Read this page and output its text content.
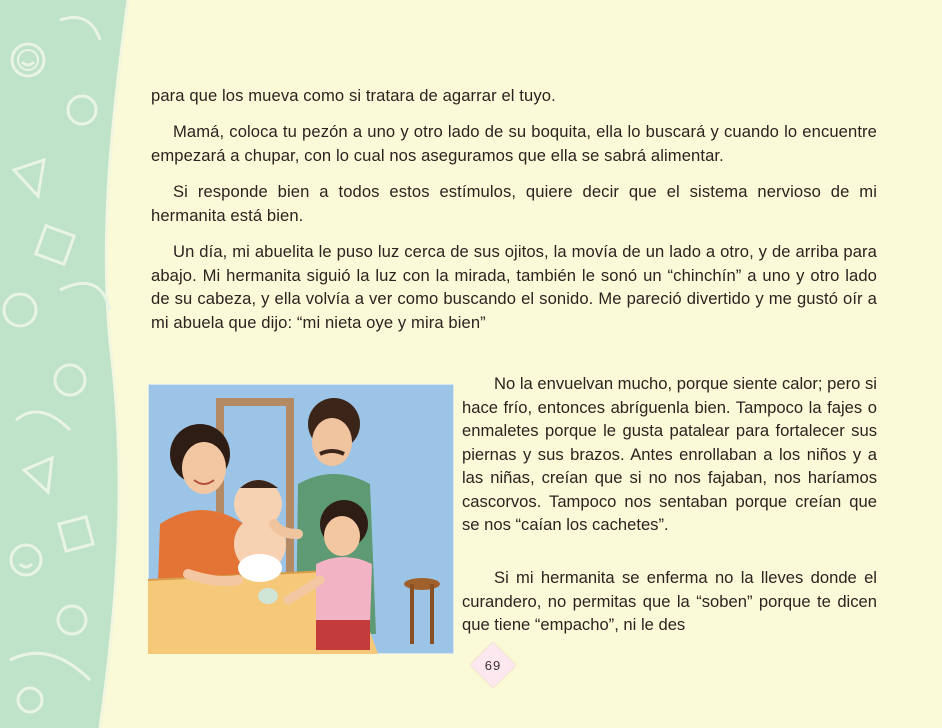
para que los mueva como si tratara de agarrar el tuyo.

Mamá, coloca tu pezón a uno y otro lado de su boquita, ella lo buscará y cuando lo encuentre empezará a chupar, con lo cual nos aseguramos que ella se sabrá alimentar.

Si responde bien a todos estos estímulos, quiere decir que el sistema nervioso de mi hermanita está bien.

Un día, mi abuelita le puso luz cerca de sus ojitos, la movía de un lado a otro, y de arriba para abajo. Mi hermanita siguió la luz con la mirada, también le sonó un “chinchín” a uno y otro lado de su cabeza, y ella volvía a ver como buscando el sonido. Me pareció divertido y me gustó oír a mi abuela que dijo: “mi nieta oye y mira bien”

No la envuelvan mucho, porque siente calor; pero si hace frío, entonces abríguenla bien. Tampoco la fajes o enmaletes porque le gusta patalear para fortalecer sus piernas y sus brazos. Antes enrollaban a los niños y a las niñas, creían que si no nos fajaban, nos haríamos cascorvos. Tampoco nos sentaban porque creían que se nos “caían los cachetes”.

Si mi hermanita se enferma no la lleves donde el curandero, no permitas que la “soben” porque te dicen que tiene “empacho”, ni le des

69
